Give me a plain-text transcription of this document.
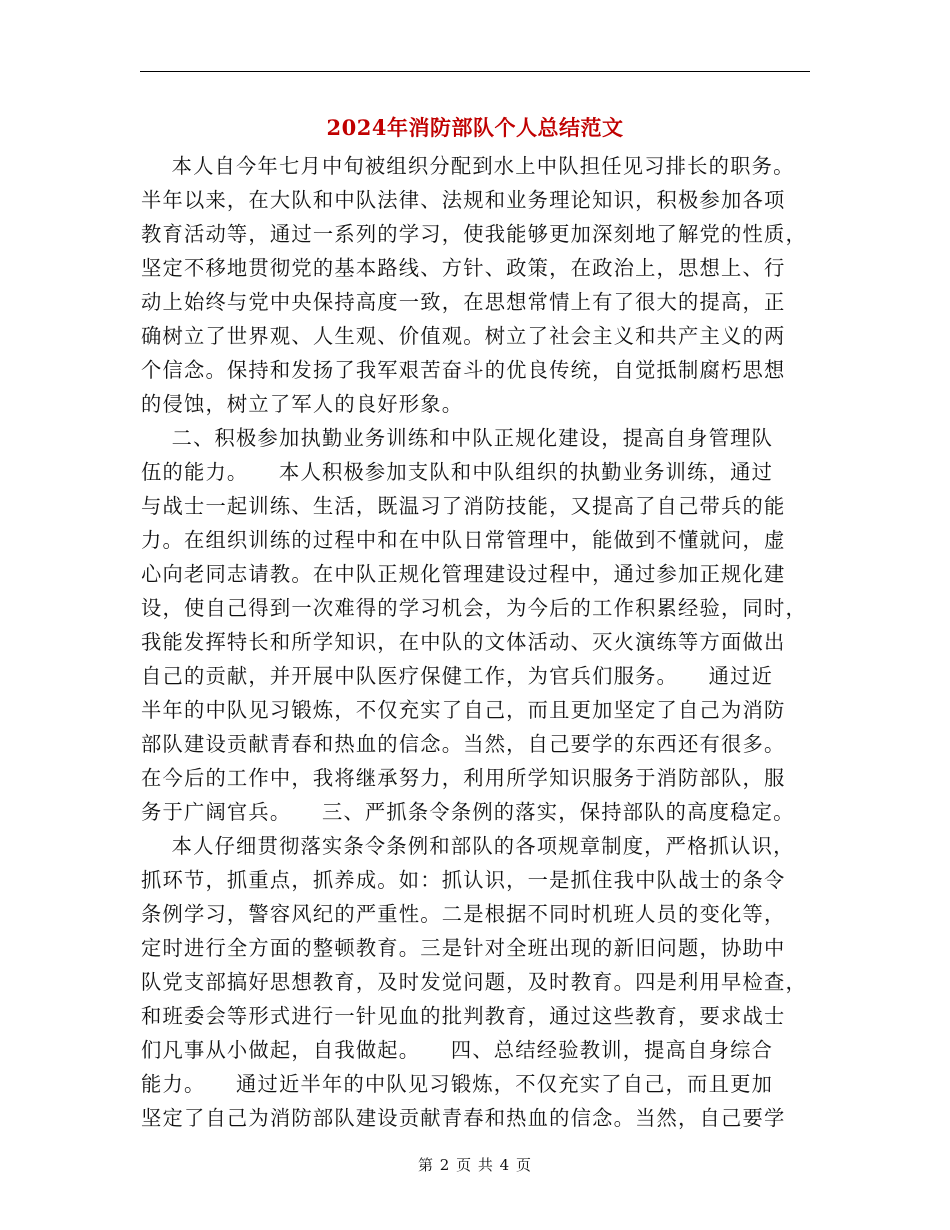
2024年消防部队个人总结范文
本人自今年七月中旬被组织分配到水上中队担任见习排长的职务。
半年以来，在大队和中队法律、法规和业务理论知识，积极参加各项
教育活动等，通过一系列的学习，使我能够更加深刻地了解党的性质，
坚定不移地贯彻党的基本路线、方针、政策，在政治上，思想上、行
动上始终与党中央保持高度一致，在思想常情上有了很大的提高，正
确树立了世界观、人生观、价值观。树立了社会主义和共产主义的两
个信念。保持和发扬了我军艰苦奋斗的优良传统，自觉抵制腐朽思想
的侵蚀，树立了军人的良好形象。
二、积极参加执勤业务训练和中队正规化建设，提高自身管理队
伍的能力。    本人积极参加支队和中队组织的执勤业务训练，通过
与战士一起训练、生活，既温习了消防技能，又提高了自己带兵的能
力。在组织训练的过程中和在中队日常管理中，能做到不懂就问，虚
心向老同志请教。在中队正规化管理建设过程中，通过参加正规化建
设，使自己得到一次难得的学习机会，为今后的工作积累经验，同时，
我能发挥特长和所学知识，在中队的文体活动、灭火演练等方面做出
自己的贡献，并开展中队医疗保健工作，为官兵们服务。    通过近
半年的中队见习锻炼，不仅充实了自己，而且更加坚定了自己为消防
部队建设贡献青春和热血的信念。当然，自己要学的东西还有很多。
在今后的工作中，我将继承努力，利用所学知识服务于消防部队，服
务于广阔官兵。    三、严抓条令条例的落实，保持部队的高度稳定。
本人仔细贯彻落实条令条例和部队的各项规章制度，严格抓认识，
抓环节，抓重点，抓养成。如：抓认识，一是抓住我中队战士的条令
条例学习，警容风纪的严重性。二是根据不同时机班人员的变化等，
定时进行全方面的整顿教育。三是针对全班出现的新旧问题，协助中
队党支部搞好思想教育，及时发觉问题，及时教育。四是利用早检查，
和班委会等形式进行一针见血的批判教育，通过这些教育，要求战士
们凡事从小做起，自我做起。    四、总结经验教训，提高自身综合
能力。    通过近半年的中队见习锻炼，不仅充实了自己，而且更加
坚定了自己为消防部队建设贡献青春和热血的信念。当然，自己要学
第 2 页 共 4 页
